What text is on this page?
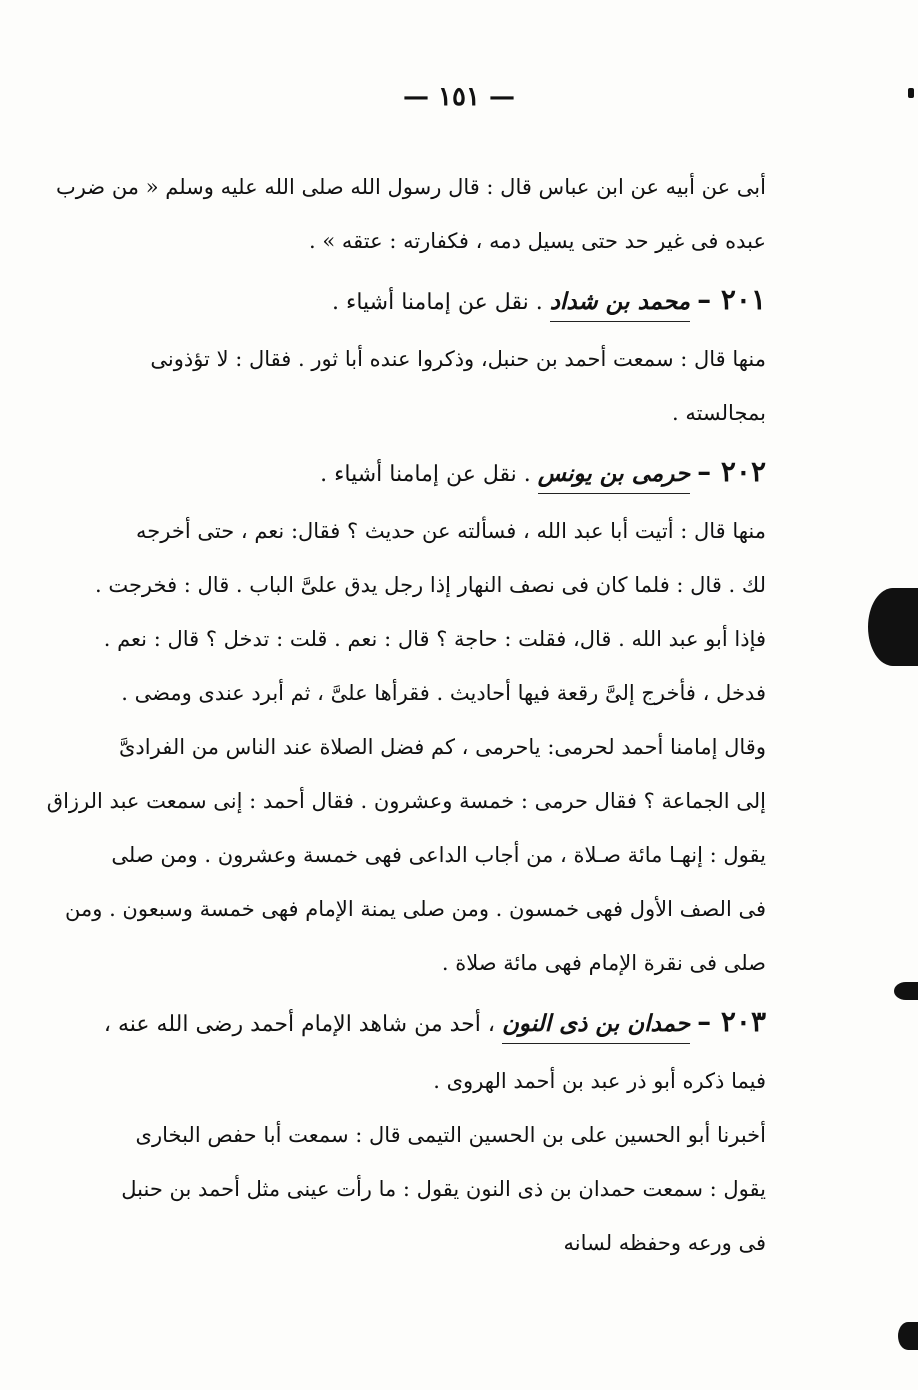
— ١٥١ —
أبى عن أبيه عن ابن عباس قال : قال رسول الله صلى الله عليه وسلم « من ضرب
عبده فى غير حد حتى يسيل دمه ، فكفارته : عتقه » .
٢٠١ – محمد بن شداد . نقل عن إمامنا أشياء .
منها قال : سمعت أحمد بن حنبل، وذكروا عنده أبا ثور . فقال : لا تؤذونى
بمجالسته .
٢٠٢ – حرمى بن يونس . نقل عن إمامنا أشياء .
منها قال : أتيت أبا عبد الله ، فسألته عن حديث ؟ فقال: نعم ، حتى أخرجه
لك . قال : فلما كان فى نصف النهار إذا رجل يدق علىَّ الباب . قال : فخرجت .
فإذا أبو عبد الله . قال، فقلت : حاجة ؟ قال : نعم . قلت : تدخل ؟ قال : نعم .
فدخل ، فأخرج إلىَّ رقعة فيها أحاديث . فقرأها علىَّ ، ثم أبرد عندى ومضى .
وقال إمامنا أحمد لحرمى: ياحرمى ، كم فضل الصلاة عند الناس من الفرادىَّ
إلى الجماعة ؟ فقال حرمى : خمسة وعشرون . فقال أحمد : إنى سمعت عبد الرزاق
يقول : إنهـا مائة صـلاة ، من أجاب الداعى فهى خمسة وعشرون . ومن صلى
فى الصف الأول فهى خمسون . ومن صلى يمنة الإمام فهى خمسة وسبعون . ومن
صلى فى نقرة الإمام فهى مائة صلاة .
٢٠٣ – حمدان بن ذى النون ، أحد من شاهد الإمام أحمد رضى الله عنه ،
فيما ذكره أبو ذر عبد بن أحمد الهروى .
أخبرنا أبو الحسين على بن الحسين التيمى قال : سمعت أبا حفص البخارى
يقول : سمعت حمدان بن ذى النون يقول : ما رأت عينى مثل أحمد بن حنبل
فى ورعه وحفظه لسانه
